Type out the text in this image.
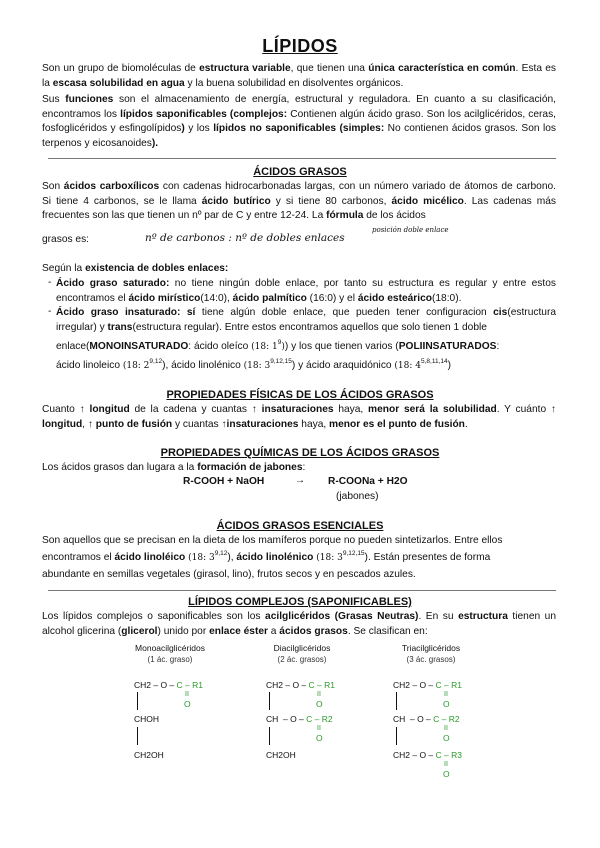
LÍPIDOS
Son un grupo de biomoléculas de estructura variable, que tienen una única característica en común. Esta es la escasa solubilidad en agua y la buena solubilidad en disolventes orgánicos.
Sus funciones son el almacenamiento de energía, estructural y reguladora. En cuanto a su clasificación, encontramos los lípidos saponificables (complejos: Contienen algún ácido graso. Son los acilglicéridos, ceras, fosfoglicéridos y esfingolípidos) y los lípidos no saponificables (simples: No contienen ácidos grasos. Son los terpenos y eicosanoides).
ÁCIDOS GRASOS
Son ácidos carboxílicos con cadenas hidrocarbonadas largas, con un número variado de átomos de carbono. Si tiene 4 carbonos, se le llama ácido butírico y si tiene 80 carbonos, ácido micélico. Las cadenas más frecuentes son las que tienen un nº par de C y entre 12-24. La fórmula de los ácidos
grasos es:	nº de carbonos : nº de dobles enlaces
posición doble enlace
Según la existencia de dobles enlaces:
- Ácido graso saturado: no tiene ningún doble enlace, por tanto su estructura es regular y entre estos encontramos el ácido mirístico(14:0), ácido palmítico (16:0) y el ácido esteárico(18:0).
- Ácido graso insaturado: sí tiene algún doble enlace, que pueden tener configuracion cis(estructura irregular) y trans(estructura regular). Entre estos encontramos aquellos que solo tienen 1 doble
enlace(MONOINSATURADO: ácido oleíco (18: $1^9$)) y los que tienen varios (POLIINSATURADOS:
ácido linoleico (18: 2$^{9,12}$), ácido linolénico (18: 3$^{9,12,15}$) y ácido araquidónico (18: 4$^{5,8,11,14}$)
PROPIEDADES FÍSICAS DE LOS ÁCIDOS GRASOS
Cuanto ↑ longitud de la cadena y cuantas ↑ insaturaciones haya, menor será la solubilidad. Y cuánto ↑ longitud, ↑ punto de fusión y cuantas ↑insaturaciones haya, menor es el punto de fusión.
PROPIEDADES QUÍMICAS DE LOS ÁCIDOS GRASOS
Los ácidos grasos dan lugara a la formación de jabones:
R-COOH + NaOH	→ R-COONa + H2O
(jabones)
ÁCIDOS GRASOS ESENCIALES
Son aquellos que se precisan en la dieta de los mamíferos porque no pueden sintetizarlos. Entre ellos
encontramos el ácido linoléico (18: 3$^{9,12}$), ácido linolénico (18: 3$^{9,12,15}$). Están presentes de forma
abundante en semillas vegetales (girasol, lino), frutos secos y en pescados azules.
LÍPIDOS COMPLEJOS (SAPONIFICABLES)
Los lípidos complejos o saponificables son los acilglicéridos (Grasas Neutras). En su estructura tienen un alcohol glicerina (glicerol) unido por enlace éster a ácidos grasos. Se clasifican en:
Monoacilglicéridos
(1 ác. graso)
CH2 – O – C – R1
II
O
CHOH
CH2OH
Diacilglicéridos
(2 ác. grasos)
CH2 – O – C – R1
II
O
CH  – O – C – R2
II
O
CH2OH
Triacilglicéridos
(3 ác. grasos)
CH2 – O – C – R1
II
O
CH  – O – C – R2
II
O
CH2 – O – C – R3
II
O
